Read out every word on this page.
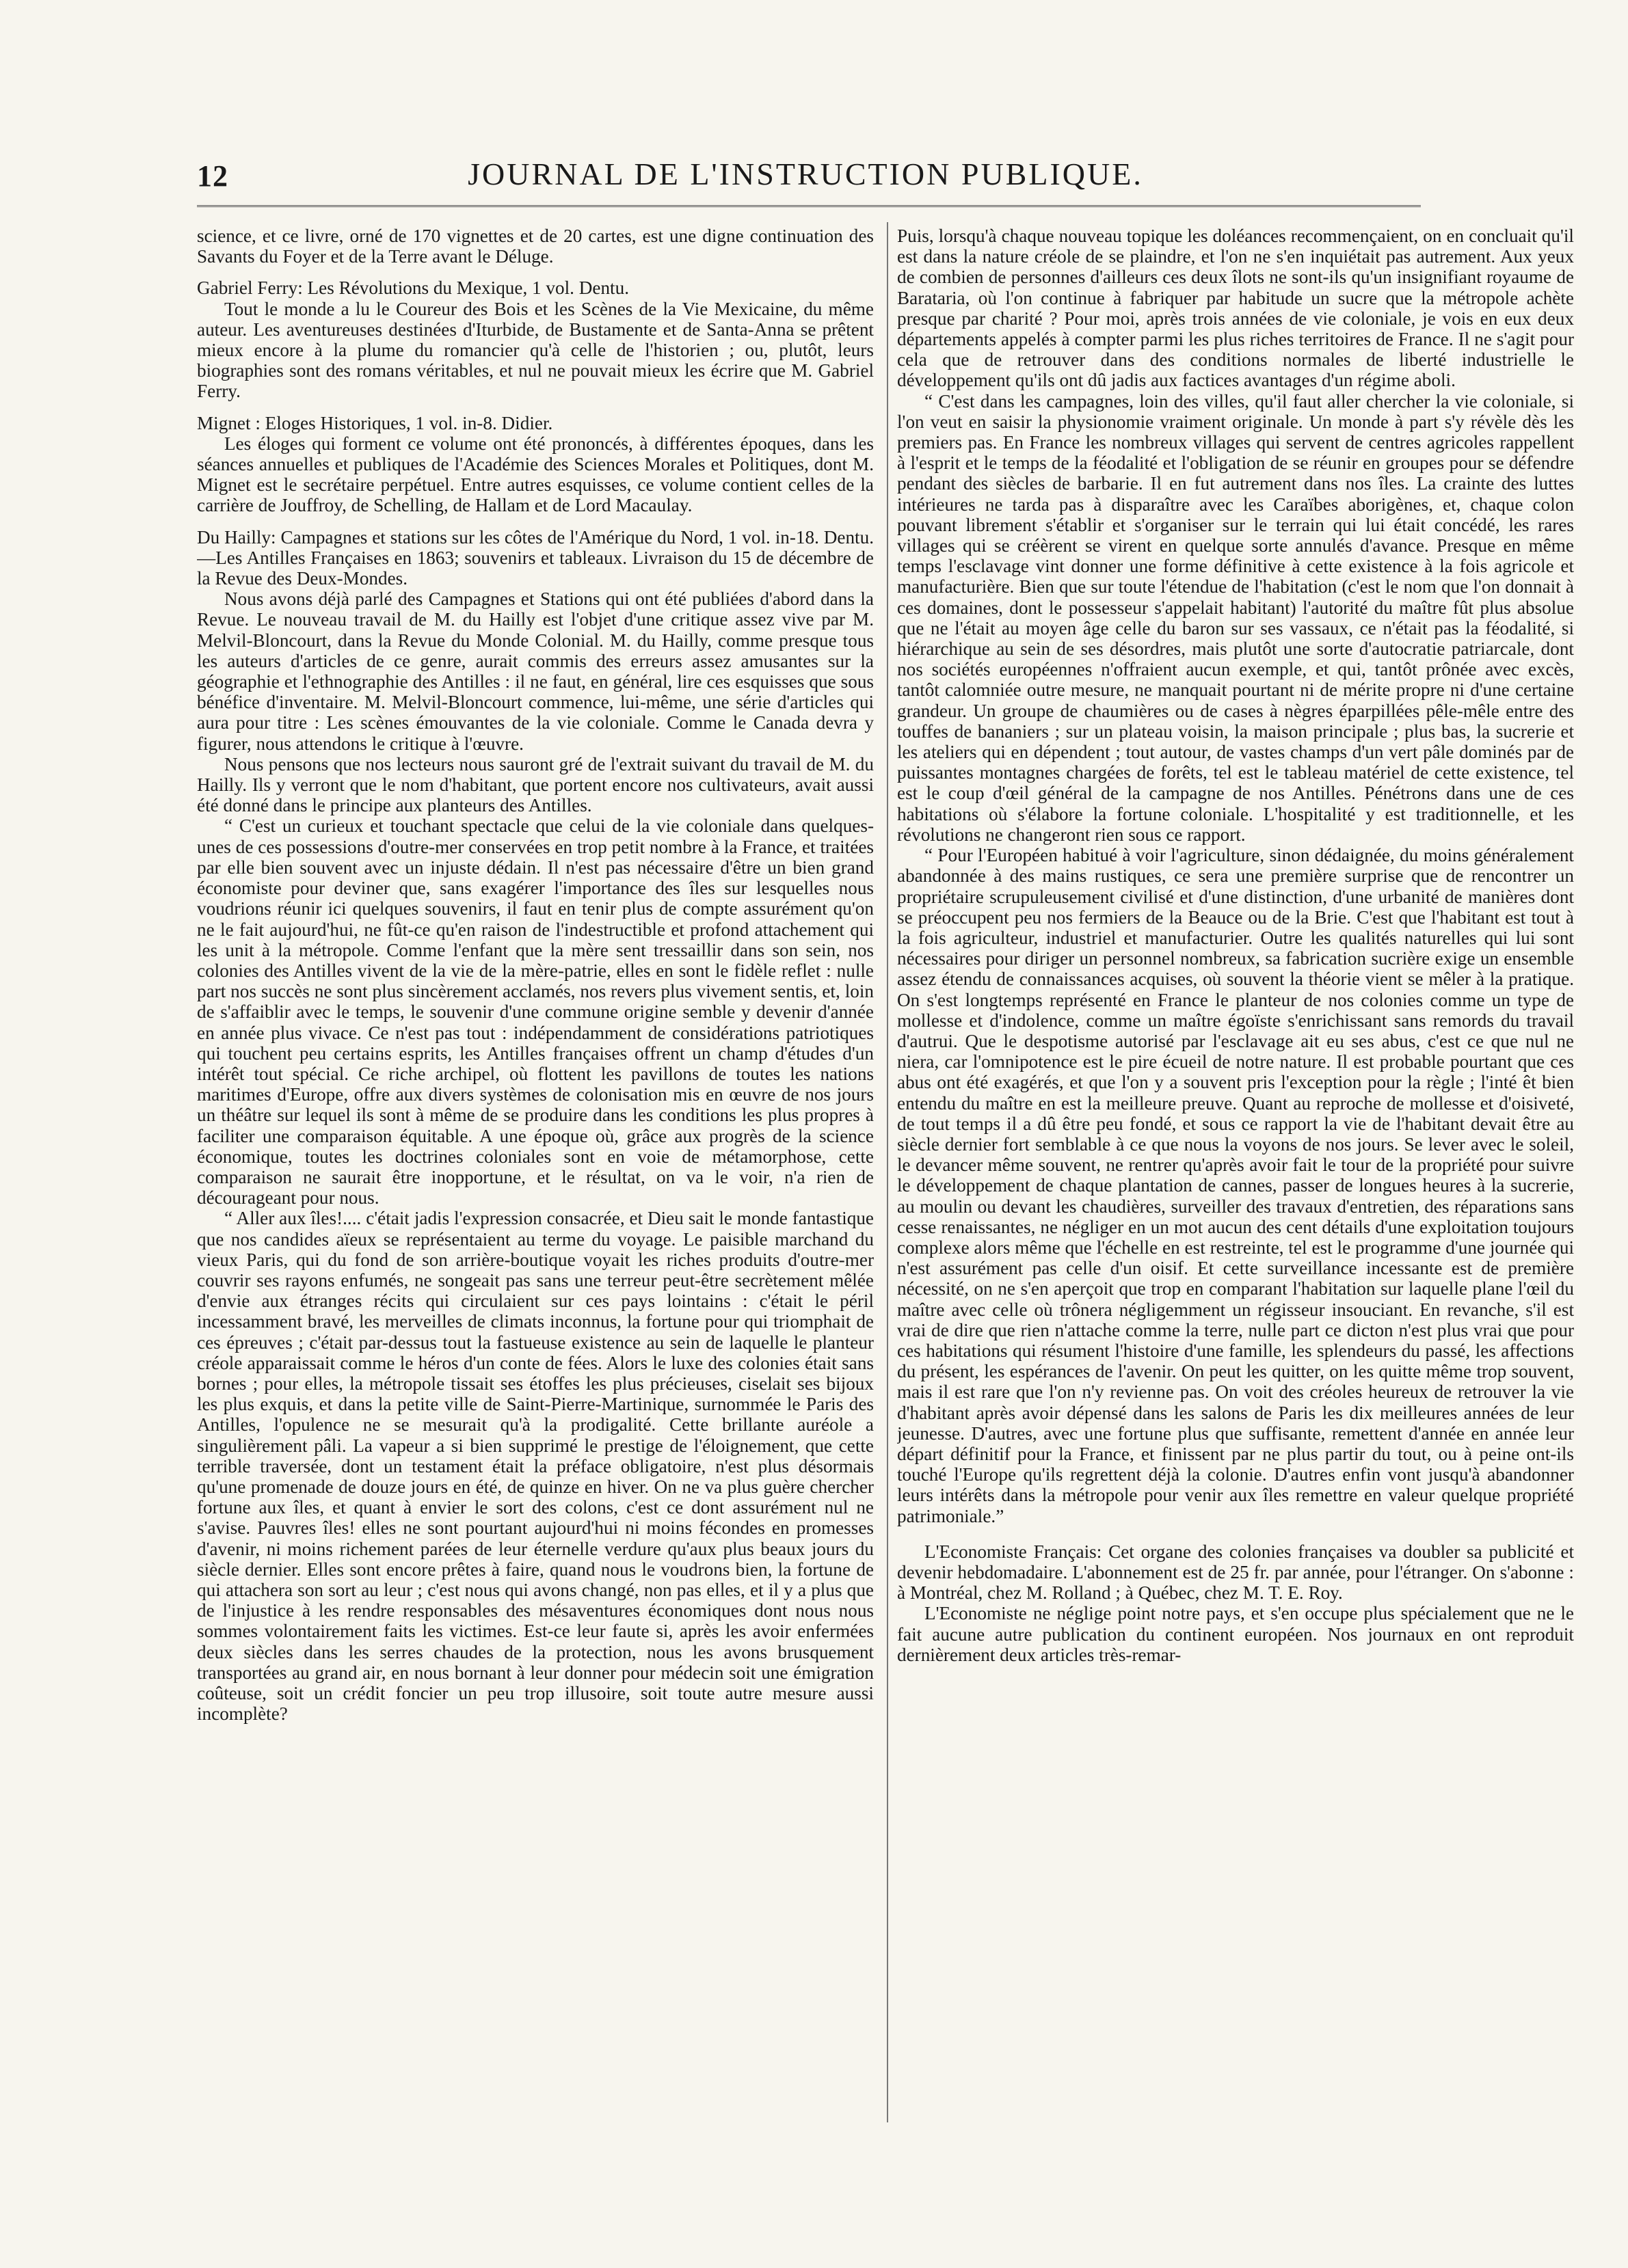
12	JOURNAL DE L'INSTRUCTION PUBLIQUE.

science, et ce livre, orné de 170 vignettes et de 20 cartes, est une digne continuation des Savants du Foyer et de la Terre avant le Déluge.

Gabriel Ferry: Les Révolutions du Mexique, 1 vol. Dentu.

Tout le monde a lu le Coureur des Bois et les Scènes de la Vie Mexicaine, du même auteur. Les aventureuses destinées d'Iturbide, de Bustamente et de Santa-Anna se prêtent mieux encore à la plume du romancier qu'à celle de l'historien ; ou, plutôt, leurs biographies sont des romans véritables, et nul ne pouvait mieux les écrire que M. Gabriel Ferry.

Mignet : Eloges Historiques, 1 vol. in-8. Didier.

Les éloges qui forment ce volume ont été prononcés, à différentes époques, dans les séances annuelles et publiques de l'Académie des Sciences Morales et Politiques, dont M. Mignet est le secrétaire perpétuel. Entre autres esquisses, ce volume contient celles de la carrière de Jouffroy, de Schelling, de Hallam et de Lord Macaulay.

Du Hailly: Campagnes et stations sur les côtes de l'Amérique du Nord, 1 vol. in-18. Dentu.—Les Antilles Françaises en 1863; souvenirs et tableaux. Livraison du 15 de décembre de la Revue des Deux-Mondes.

Nous avons déjà parlé des Campagnes et Stations qui ont été publiées d'abord dans la Revue. Le nouveau travail de M. du Hailly est l'objet d'une critique assez vive par M. Melvil-Bloncourt, dans la Revue du Monde Colonial. M. du Hailly, comme presque tous les auteurs d'articles de ce genre, aurait commis des erreurs assez amusantes sur la géographie et l'ethnographie des Antilles : il ne faut, en général, lire ces esquisses que sous bénéfice d'inventaire. M. Melvil-Bloncourt commence, lui-même, une série d'articles qui aura pour titre : Les scènes émouvantes de la vie coloniale. Comme le Canada devra y figurer, nous attendons le critique à l'œuvre.

Nous pensons que nos lecteurs nous sauront gré de l'extrait suivant du travail de M. du Hailly. Ils y verront que le nom d'habitant, que portent encore nos cultivateurs, avait aussi été donné dans le principe aux planteurs des Antilles.

“ C'est un curieux et touchant spectacle que celui de la vie coloniale dans quelques-unes de ces possessions d'outre-mer conservées en trop petit nombre à la France, et traitées par elle bien souvent avec un injuste dédain. Il n'est pas nécessaire d'être un bien grand économiste pour deviner que, sans exagérer l'importance des îles sur lesquelles nous voudrions réunir ici quelques souvenirs, il faut en tenir plus de compte assurément qu'on ne le fait aujourd'hui, ne fût-ce qu'en raison de l'indestructible et profond attachement qui les unit à la métropole. Comme l'enfant que la mère sent tressaillir dans son sein, nos colonies des Antilles vivent de la vie de la mère-patrie, elles en sont le fidèle reflet : nulle part nos succès ne sont plus sincèrement acclamés, nos revers plus vivement sentis, et, loin de s'affaiblir avec le temps, le souvenir d'une commune origine semble y devenir d'année en année plus vivace. Ce n'est pas tout : indépendamment de considérations patriotiques qui touchent peu certains esprits, les Antilles françaises offrent un champ d'études d'un intérêt tout spécial. Ce riche archipel, où flottent les pavillons de toutes les nations maritimes d'Europe, offre aux divers systèmes de colonisation mis en œuvre de nos jours un théâtre sur lequel ils sont à même de se produire dans les conditions les plus propres à faciliter une comparaison équitable. A une époque où, grâce aux progrès de la science économique, toutes les doctrines coloniales sont en voie de métamorphose, cette comparaison ne saurait être inopportune, et le résultat, on va le voir, n'a rien de décourageant pour nous.

“ Aller aux îles!.... c'était jadis l'expression consacrée, et Dieu sait le monde fantastique que nos candides aïeux se représentaient au terme du voyage. Le paisible marchand du vieux Paris, qui du fond de son arrière-boutique voyait les riches produits d'outre-mer couvrir ses rayons enfumés, ne songeait pas sans une terreur peut-être secrètement mêlée d'envie aux étranges récits qui circulaient sur ces pays lointains : c'était le péril incessamment bravé, les merveilles de climats inconnus, la fortune pour qui triomphait de ces épreuves ; c'était par-dessus tout la fastueuse existence au sein de laquelle le planteur créole apparaissait comme le héros d'un conte de fées. Alors le luxe des colonies était sans bornes ; pour elles, la métropole tissait ses étoffes les plus précieuses, ciselait ses bijoux les plus exquis, et dans la petite ville de Saint-Pierre-Martinique, surnommée le Paris des Antilles, l'opulence ne se mesurait qu'à la prodigalité. Cette brillante auréole a singulièrement pâli. La vapeur a si bien supprimé le prestige de l'éloignement, que cette terrible traversée, dont un testament était la préface obligatoire, n'est plus désormais qu'une promenade de douze jours en été, de quinze en hiver. On ne va plus guère chercher fortune aux îles, et quant à envier le sort des colons, c'est ce dont assurément nul ne s'avise. Pauvres îles! elles ne sont pourtant aujourd'hui ni moins fécondes en promesses d'avenir, ni moins richement parées de leur éternelle verdure qu'aux plus beaux jours du siècle dernier. Elles sont encore prêtes à faire, quand nous le voudrons bien, la fortune de qui attachera son sort au leur ; c'est nous qui avons changé, non pas elles, et il y a plus que de l'injustice à les rendre responsables des mésaventures économiques dont nous nous sommes volontairement faits les victimes. Est-ce leur faute si, après les avoir enfermées deux siècles dans les serres chaudes de la protection, nous les avons brusquement transportées au grand air, en nous bornant à leur donner pour médecin soit une émigration coûteuse, soit un crédit foncier un peu trop illusoire, soit toute autre mesure aussi incomplète?

Puis, lorsqu'à chaque nouveau topique les doléances recommençaient, on en concluait qu'il est dans la nature créole de se plaindre, et l'on ne s'en inquiétait pas autrement. Aux yeux de combien de personnes d'ailleurs ces deux îlots ne sont-ils qu'un insignifiant royaume de Barataria, où l'on continue à fabriquer par habitude un sucre que la métropole achète presque par charité ? Pour moi, après trois années de vie coloniale, je vois en eux deux départements appelés à compter parmi les plus riches territoires de France. Il ne s'agit pour cela que de retrouver dans des conditions normales de liberté industrielle le développement qu'ils ont dû jadis aux factices avantages d'un régime aboli.

“ C'est dans les campagnes, loin des villes, qu'il faut aller chercher la vie coloniale, si l'on veut en saisir la physionomie vraiment originale. Un monde à part s'y révèle dès les premiers pas. En France les nombreux villages qui servent de centres agricoles rappellent à l'esprit et le temps de la féodalité et l'obligation de se réunir en groupes pour se défendre pendant des siècles de barbarie. Il en fut autrement dans nos îles. La crainte des luttes intérieures ne tarda pas à disparaître avec les Caraïbes aborigènes, et, chaque colon pouvant librement s'établir et s'organiser sur le terrain qui lui était concédé, les rares villages qui se créèrent se virent en quelque sorte annulés d'avance. Presque en même temps l'esclavage vint donner une forme définitive à cette existence à la fois agricole et manufacturière. Bien que sur toute l'étendue de l'habitation (c'est le nom que l'on donnait à ces domaines, dont le possesseur s'appelait habitant) l'autorité du maître fût plus absolue que ne l'était au moyen âge celle du baron sur ses vassaux, ce n'était pas la féodalité, si hiérarchique au sein de ses désordres, mais plutôt une sorte d'autocratie patriarcale, dont nos sociétés européennes n'offraient aucun exemple, et qui, tantôt prônée avec excès, tantôt calomniée outre mesure, ne manquait pourtant ni de mérite propre ni d'une certaine grandeur. Un groupe de chaumières ou de cases à nègres éparpillées pêle-mêle entre des touffes de bananiers ; sur un plateau voisin, la maison principale ; plus bas, la sucrerie et les ateliers qui en dépendent ; tout autour, de vastes champs d'un vert pâle dominés par de puissantes montagnes chargées de forêts, tel est le tableau matériel de cette existence, tel est le coup d'œil général de la campagne de nos Antilles. Pénétrons dans une de ces habitations où s'élabore la fortune coloniale. L'hospitalité y est traditionnelle, et les révolutions ne changeront rien sous ce rapport.

“ Pour l'Européen habitué à voir l'agriculture, sinon dédaignée, du moins généralement abandonnée à des mains rustiques, ce sera une première surprise que de rencontrer un propriétaire scrupuleusement civilisé et d'une distinction, d'une urbanité de manières dont se préoccupent peu nos fermiers de la Beauce ou de la Brie. C'est que l'habitant est tout à la fois agriculteur, industriel et manufacturier. Outre les qualités naturelles qui lui sont nécessaires pour diriger un personnel nombreux, sa fabrication sucrière exige un ensemble assez étendu de connaissances acquises, où souvent la théorie vient se mêler à la pratique. On s'est longtemps représenté en France le planteur de nos colonies comme un type de mollesse et d'indolence, comme un maître égoïste s'enrichissant sans remords du travail d'autrui. Que le despotisme autorisé par l'esclavage ait eu ses abus, c'est ce que nul ne niera, car l'omnipotence est le pire écueil de notre nature. Il est probable pourtant que ces abus ont été exagérés, et que l'on y a souvent pris l'exception pour la règle ; l'inté êt bien entendu du maître en est la meilleure preuve. Quant au reproche de mollesse et d'oisiveté, de tout temps il a dû être peu fondé, et sous ce rapport la vie de l'habitant devait être au siècle dernier fort semblable à ce que nous la voyons de nos jours. Se lever avec le soleil, le devancer même souvent, ne rentrer qu'après avoir fait le tour de la propriété pour suivre le développement de chaque plantation de cannes, passer de longues heures à la sucrerie, au moulin ou devant les chaudières, surveiller des travaux d'entretien, des réparations sans cesse renaissantes, ne négliger en un mot aucun des cent détails d'une exploitation toujours complexe alors même que l'échelle en est restreinte, tel est le programme d'une journée qui n'est assurément pas celle d'un oisif. Et cette surveillance incessante est de première nécessité, on ne s'en aperçoit que trop en comparant l'habitation sur laquelle plane l'œil du maître avec celle où trônera négligemment un régisseur insouciant. En revanche, s'il est vrai de dire que rien n'attache comme la terre, nulle part ce dicton n'est plus vrai que pour ces habitations qui résument l'histoire d'une famille, les splendeurs du passé, les affections du présent, les espérances de l'avenir. On peut les quitter, on les quitte même trop souvent, mais il est rare que l'on n'y revienne pas. On voit des créoles heureux de retrouver la vie d'habitant après avoir dépensé dans les salons de Paris les dix meilleures années de leur jeunesse. D'autres, avec une fortune plus que suffisante, remettent d'année en année leur départ définitif pour la France, et finissent par ne plus partir du tout, ou à peine ont-ils touché l'Europe qu'ils regrettent déjà la colonie. D'autres enfin vont jusqu'à abandonner leurs intérêts dans la métropole pour venir aux îles remettre en valeur quelque propriété patrimoniale.”

L'Economiste Français: Cet organe des colonies françaises va doubler sa publicité et devenir hebdomadaire. L'abonnement est de 25 fr. par année, pour l'étranger. On s'abonne : à Montréal, chez M. Rolland ; à Québec, chez M. T. E. Roy.

L'Economiste ne néglige point notre pays, et s'en occupe plus spécialement que ne le fait aucune autre publication du continent européen. Nos journaux en ont reproduit dernièrement deux articles très-remar-
